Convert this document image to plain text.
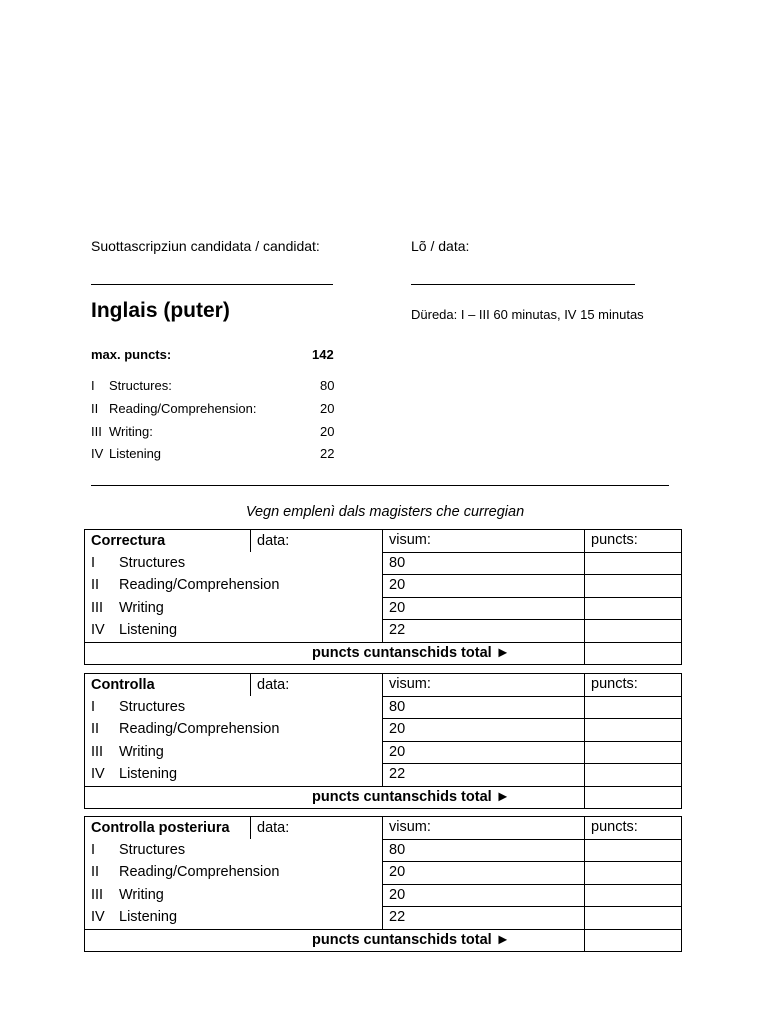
Suottascripziun candidata / candidat:	Lõ / data:
Inglais (puter)	Düreda: I – III 60 minutas, IV 15 minutas
max. puncts:	142
I Structures:	80
II Reading/Comprehension:	20
III Writing:	20
IV Listening	22
Vegn emplenì dals magisters che curregian
Correctura	data:	visum:	puncts:
I Structures		80	
II Reading/Comprehension		20	
III Writing		20	
IV Listening		22	
puncts cuntanschids total ►			
Controlla	data:	visum:	puncts:
I Structures		80	
II Reading/Comprehension		20	
III Writing		20	
IV Listening		22	
puncts cuntanschids total ►			
Controlla posteriura	data:	visum:	puncts:
I Structures		80	
II Reading/Comprehension		20	
III Writing		20	
IV Listening		22	
puncts cuntanschids total ►			
